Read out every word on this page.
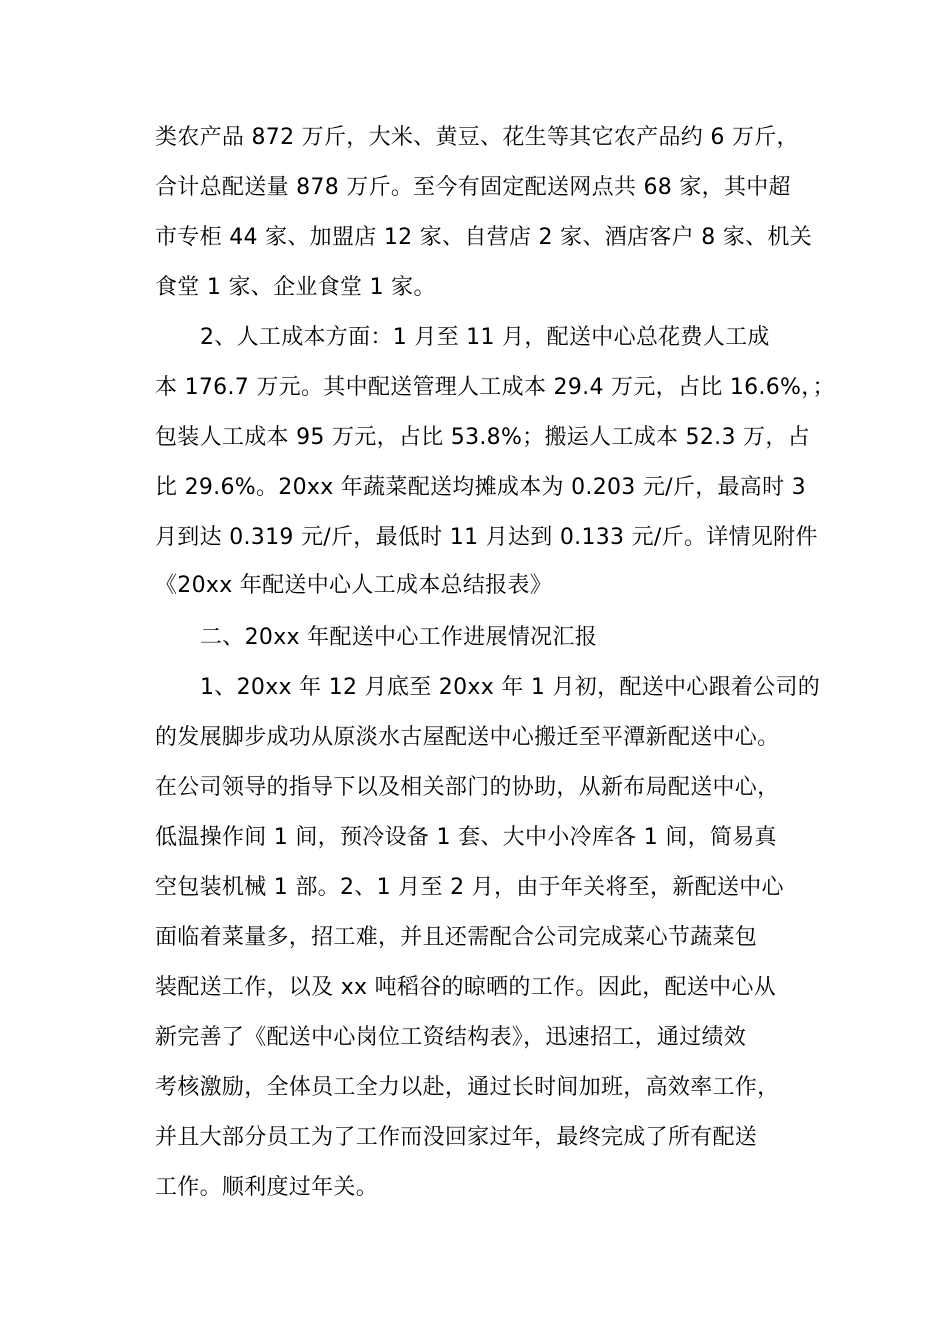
类农产品 872 万斤，大米、黄豆、花生等其它农产品约 6 万斤，
合计总配送量 878 万斤。至今有固定配送网点共 68 家，其中超
市专柜 44 家、加盟店 12 家、自营店 2 家、酒店客户 8 家、机关
食堂 1 家、企业食堂 1 家。
2、人工成本方面：1 月至 11 月，配送中心总花费人工成
本 176.7 万元。其中配送管理人工成本 29.4 万元，占比 16.6%，；
包装人工成本 95 万元，占比 53.8%；搬运人工成本 52.3 万，占
比 29.6%。20xx 年蔬菜配送均摊成本为 0.203 元/斤，最高时 3
月到达 0.319 元/斤，最低时 11 月达到 0.133 元/斤。详情见附件
《20xx 年配送中心人工成本总结报表》
二、20xx 年配送中心工作进展情况汇报
1、20xx 年 12 月底至 20xx 年 1 月初，配送中心跟着公司的
的发展脚步成功从原淡水古屋配送中心搬迁至平潭新配送中心。
在公司领导的指导下以及相关部门的协助，从新布局配送中心，
低温操作间 1 间，预冷设备 1 套、大中小冷库各 1 间，简易真
空包装机械 1 部。2、1 月至 2 月，由于年关将至，新配送中心
面临着菜量多，招工难，并且还需配合公司完成菜心节蔬菜包
装配送工作，以及 xx 吨稻谷的晾晒的工作。因此，配送中心从
新完善了《配送中心岗位工资结构表》，迅速招工，通过绩效
考核激励，全体员工全力以赴，通过长时间加班，高效率工作，
并且大部分员工为了工作而没回家过年，最终完成了所有配送
工作。顺利度过年关。
